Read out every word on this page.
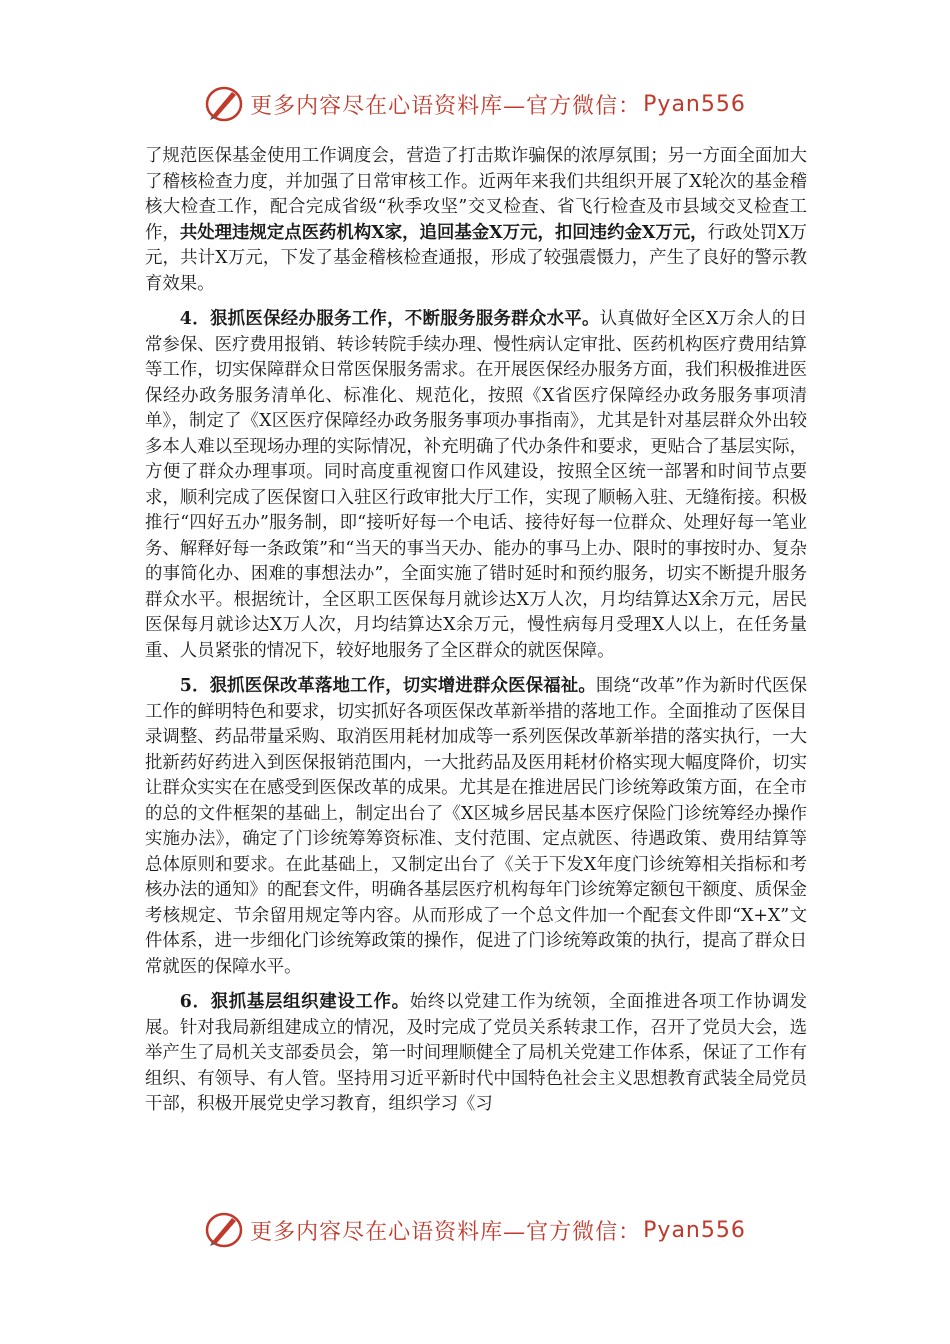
更多内容尽在心语资料库—官方微信： Pyan556

了规范医保基金使用工作调度会，营造了打击欺诈骗保的浓厚氛围；另一方面全面加大了稽核检查力度，并加强了日常审核工作。近两年来我们共组织开展了X轮次的基金稽核大检查工作，配合完成省级“秋季攻坚”交叉检查、省飞行检查及市县域交叉检查工作，共处理违规定点医药机构X家，追回基金X万元，扣回违约金X万元，行政处罚X万元，共计X万元，下发了基金稽核检查通报，形成了较强震慑力，产生了良好的警示教育效果。

4．狠抓医保经办服务工作，不断服务服务群众水平。认真做好全区X万余人的日常参保、医疗费用报销、转诊转院手续办理、慢性病认定审批、医药机构医疗费用结算等工作，切实保障群众日常医保服务需求。在开展医保经办服务方面，我们积极推进医保经办政务服务清单化、标准化、规范化，按照《X省医疗保障经办政务服务事项清单》，制定了《X区医疗保障经办政务服务事项办事指南》，尤其是针对基层群众外出较多本人难以至现场办理的实际情况，补充明确了代办条件和要求，更贴合了基层实际，方便了群众办理事项。同时高度重视窗口作风建设，按照全区统一部署和时间节点要求，顺利完成了医保窗口入驻区行政审批大厅工作，实现了顺畅入驻、无缝衔接。积极推行“四好五办”服务制，即“接听好每一个电话、接待好每一位群众、处理好每一笔业务、解释好每一条政策”和“当天的事当天办、能办的事马上办、限时的事按时办、复杂的事简化办、困难的事想法办”，全面实施了错时延时和预约服务，切实不断提升服务群众水平。根据统计，全区职工医保每月就诊达X万人次，月均结算达X余万元，居民医保每月就诊达X万人次，月均结算达X余万元，慢性病每月受理X人以上，在任务量重、人员紧张的情况下，较好地服务了全区群众的就医保障。

5．狠抓医保改革落地工作，切实增进群众医保福祉。围绕“改革”作为新时代医保工作的鲜明特色和要求，切实抓好各项医保改革新举措的落地工作。全面推动了医保目录调整、药品带量采购、取消医用耗材加成等一系列医保改革新举措的落实执行，一大批新药好药进入到医保报销范围内，一大批药品及医用耗材价格实现大幅度降价，切实让群众实实在在感受到医保改革的成果。尤其是在推进居民门诊统筹政策方面，在全市的总的文件框架的基础上，制定出台了《X区城乡居民基本医疗保险门诊统筹经办操作实施办法》，确定了门诊统筹筹资标准、支付范围、定点就医、待遇政策、费用结算等总体原则和要求。在此基础上，又制定出台了《关于下发X年度门诊统筹相关指标和考核办法的通知》的配套文件，明确各基层医疗机构每年门诊统筹定额包干额度、质保金考核规定、节余留用规定等内容。从而形成了一个总文件加一个配套文件即“X+X”文件体系，进一步细化门诊统筹政策的操作，促进了门诊统筹政策的执行，提高了群众日常就医的保障水平。

6．狠抓基层组织建设工作。始终以党建工作为统领，全面推进各项工作协调发展。针对我局新组建成立的情况，及时完成了党员关系转隶工作，召开了党员大会，选举产生了局机关支部委员会，第一时间理顺健全了局机关党建工作体系，保证了工作有组织、有领导、有人管。坚持用习近平新时代中国特色社会主义思想教育武装全局党员干部，积极开展党史学习教育，组织学习《习

更多内容尽在心语资料库—官方微信： Pyan556
